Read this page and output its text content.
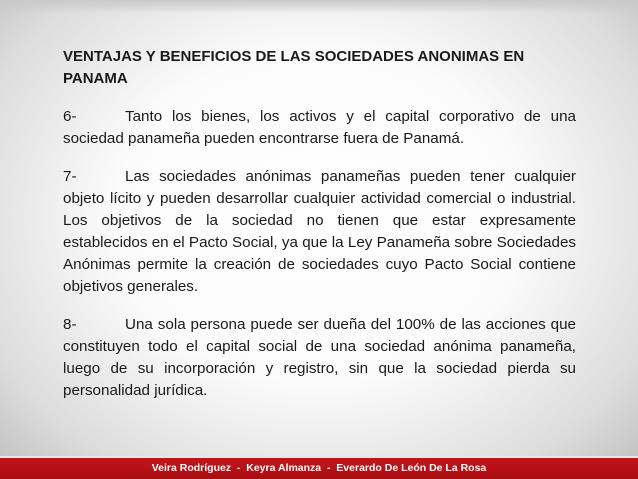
VENTAJAS Y BENEFICIOS DE LAS SOCIEDADES ANONIMAS EN PANAMA

6-	Tanto los bienes, los activos y el capital corporativo de una sociedad panameña pueden encontrarse fuera de Panamá.

7-	Las sociedades anónimas panameñas pueden tener cualquier objeto lícito y pueden desarrollar cualquier actividad comercial o industrial. Los objetivos de la sociedad no tienen que estar expresamente establecidos en el Pacto Social, ya que la Ley Panameña sobre Sociedades Anónimas permite la creación de sociedades cuyo Pacto Social contiene objetivos generales.

8-	Una sola persona puede ser dueña del 100% de las acciones que constituyen todo el capital social de una sociedad anónima panameña, luego de su incorporación y registro, sin que la sociedad pierda su personalidad jurídica.

Veira Rodríguez  -  Keyra Almanza  -  Everardo De León De La Rosa
